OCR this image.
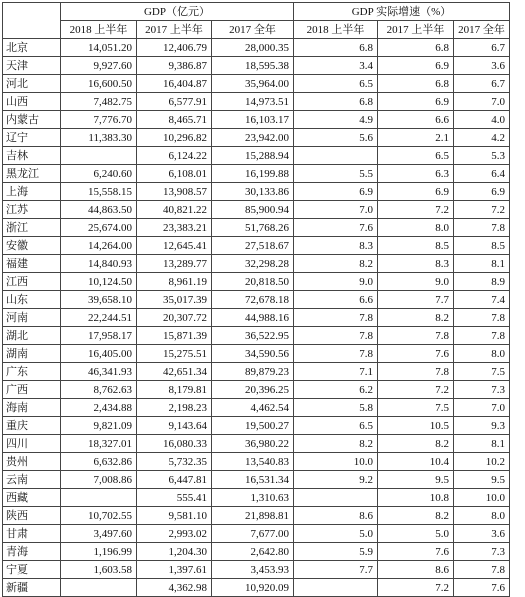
	GDP（亿元）			GDP 实际增速（%）		
	2018 上半年	2017 上半年	2017 全年	2018 上半年	2017 上半年	2017 全年
北京	14,051.20	12,406.79	28,000.35	6.8	6.8	6.7
天津	9,927.60	9,386.87	18,595.38	3.4	6.9	3.6
河北	16,600.50	16,404.87	35,964.00	6.5	6.8	6.7
山西	7,482.75	6,577.91	14,973.51	6.8	6.9	7.0
内蒙古	7,776.70	8,465.71	16,103.17	4.9	6.6	4.0
辽宁	11,383.30	10,296.82	23,942.00	5.6	2.1	4.2
吉林		6,124.22	15,288.94		6.5	5.3
黑龙江	6,240.60	6,108.01	16,199.88	5.5	6.3	6.4
上海	15,558.15	13,908.57	30,133.86	6.9	6.9	6.9
江苏	44,863.50	40,821.22	85,900.94	7.0	7.2	7.2
浙江	25,674.00	23,383.21	51,768.26	7.6	8.0	7.8
安徽	14,264.00	12,645.41	27,518.67	8.3	8.5	8.5
福建	14,840.93	13,289.77	32,298.28	8.2	8.3	8.1
江西	10,124.50	8,961.19	20,818.50	9.0	9.0	8.9
山东	39,658.10	35,017.39	72,678.18	6.6	7.7	7.4
河南	22,244.51	20,307.72	44,988.16	7.8	8.2	7.8
湖北	17,958.17	15,871.39	36,522.95	7.8	7.8	7.8
湖南	16,405.00	15,275.51	34,590.56	7.8	7.6	8.0
广东	46,341.93	42,651.34	89,879.23	7.1	7.8	7.5
广西	8,762.63	8,179.81	20,396.25	6.2	7.2	7.3
海南	2,434.88	2,198.23	4,462.54	5.8	7.5	7.0
重庆	9,821.09	9,143.64	19,500.27	6.5	10.5	9.3
四川	18,327.01	16,080.33	36,980.22	8.2	8.2	8.1
贵州	6,632.86	5,732.35	13,540.83	10.0	10.4	10.2
云南	7,008.86	6,447.81	16,531.34	9.2	9.5	9.5
西藏		555.41	1,310.63		10.8	10.0
陕西	10,702.55	9,581.10	21,898.81	8.6	8.2	8.0
甘肃	3,497.60	2,993.02	7,677.00	5.0	5.0	3.6
青海	1,196.99	1,204.30	2,642.80	5.9	7.6	7.3
宁夏	1,603.58	1,397.61	3,453.93	7.7	8.6	7.8
新疆		4,362.98	10,920.09		7.2	7.6
